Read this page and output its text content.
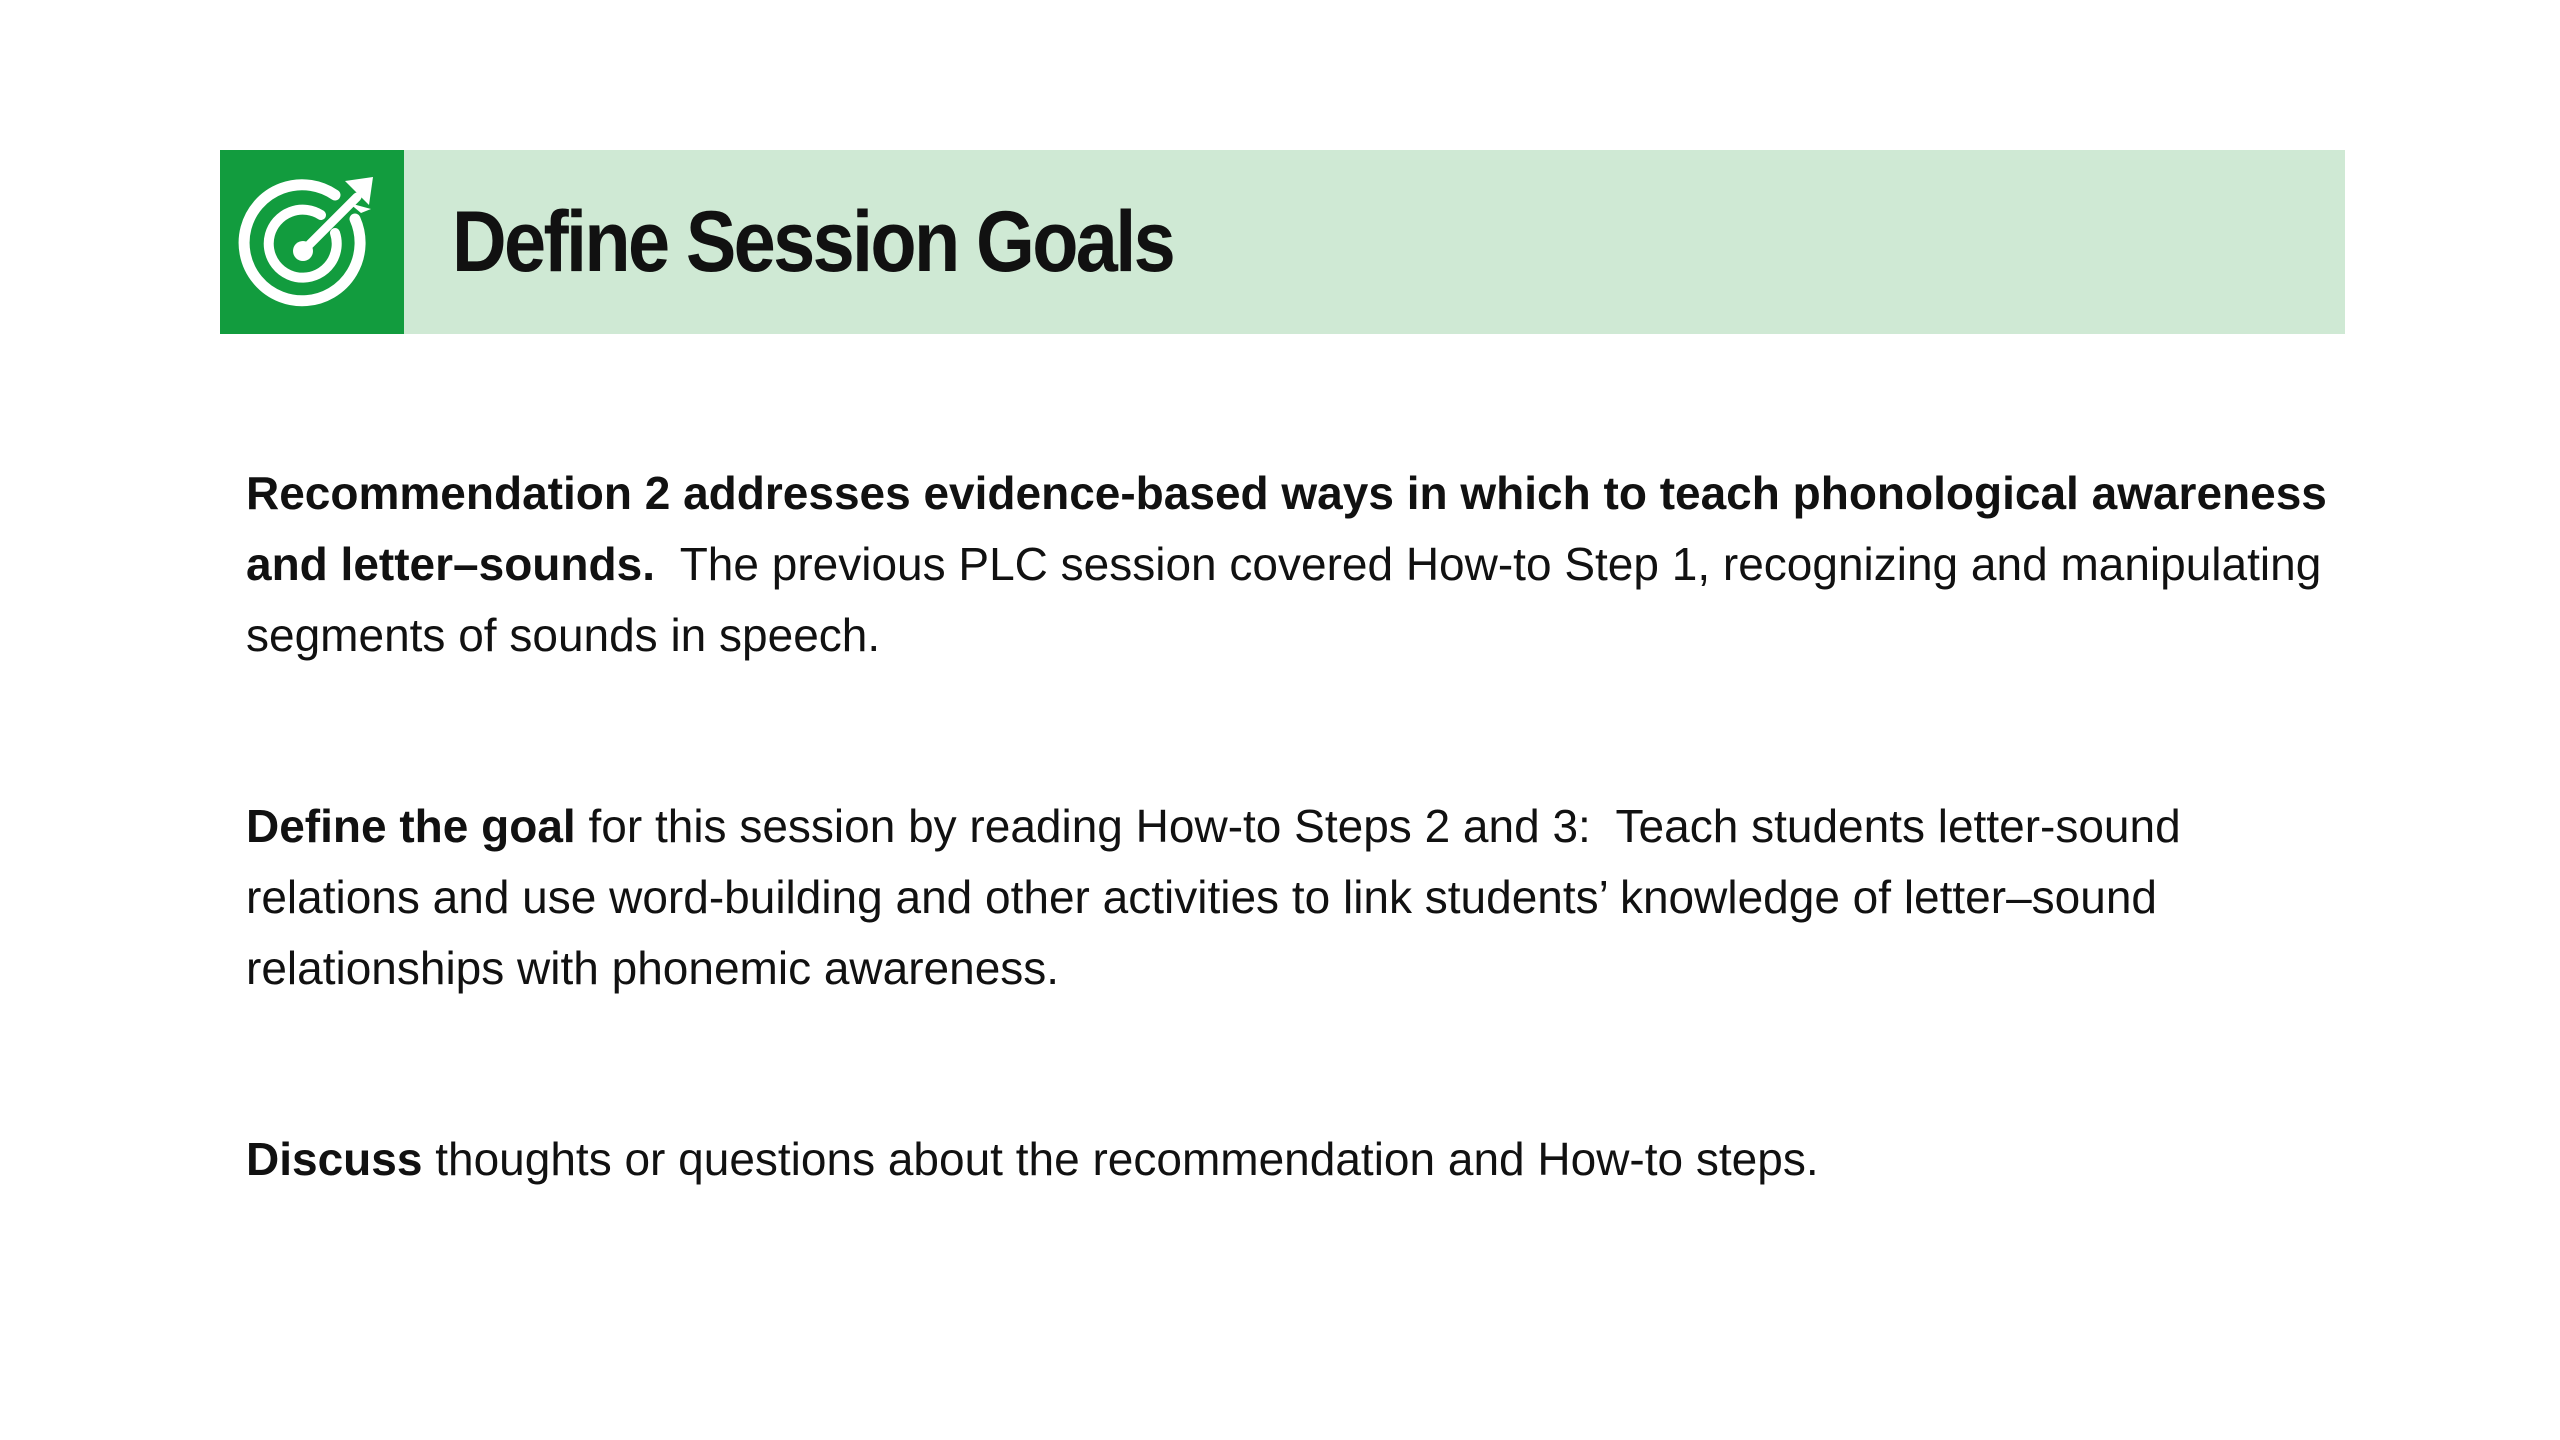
Define Session Goals

Recommendation 2 addresses evidence-based ways in which to teach phonological awareness and letter–sounds.  The previous PLC session covered How-to Step 1, recognizing and manipulating segments of sounds in speech.

Define the goal for this session by reading How-to Steps 2 and 3:  Teach students letter-sound relations and use word-building and other activities to link students’ knowledge of letter–sound relationships with phonemic awareness.

Discuss thoughts or questions about the recommendation and How-to steps.
